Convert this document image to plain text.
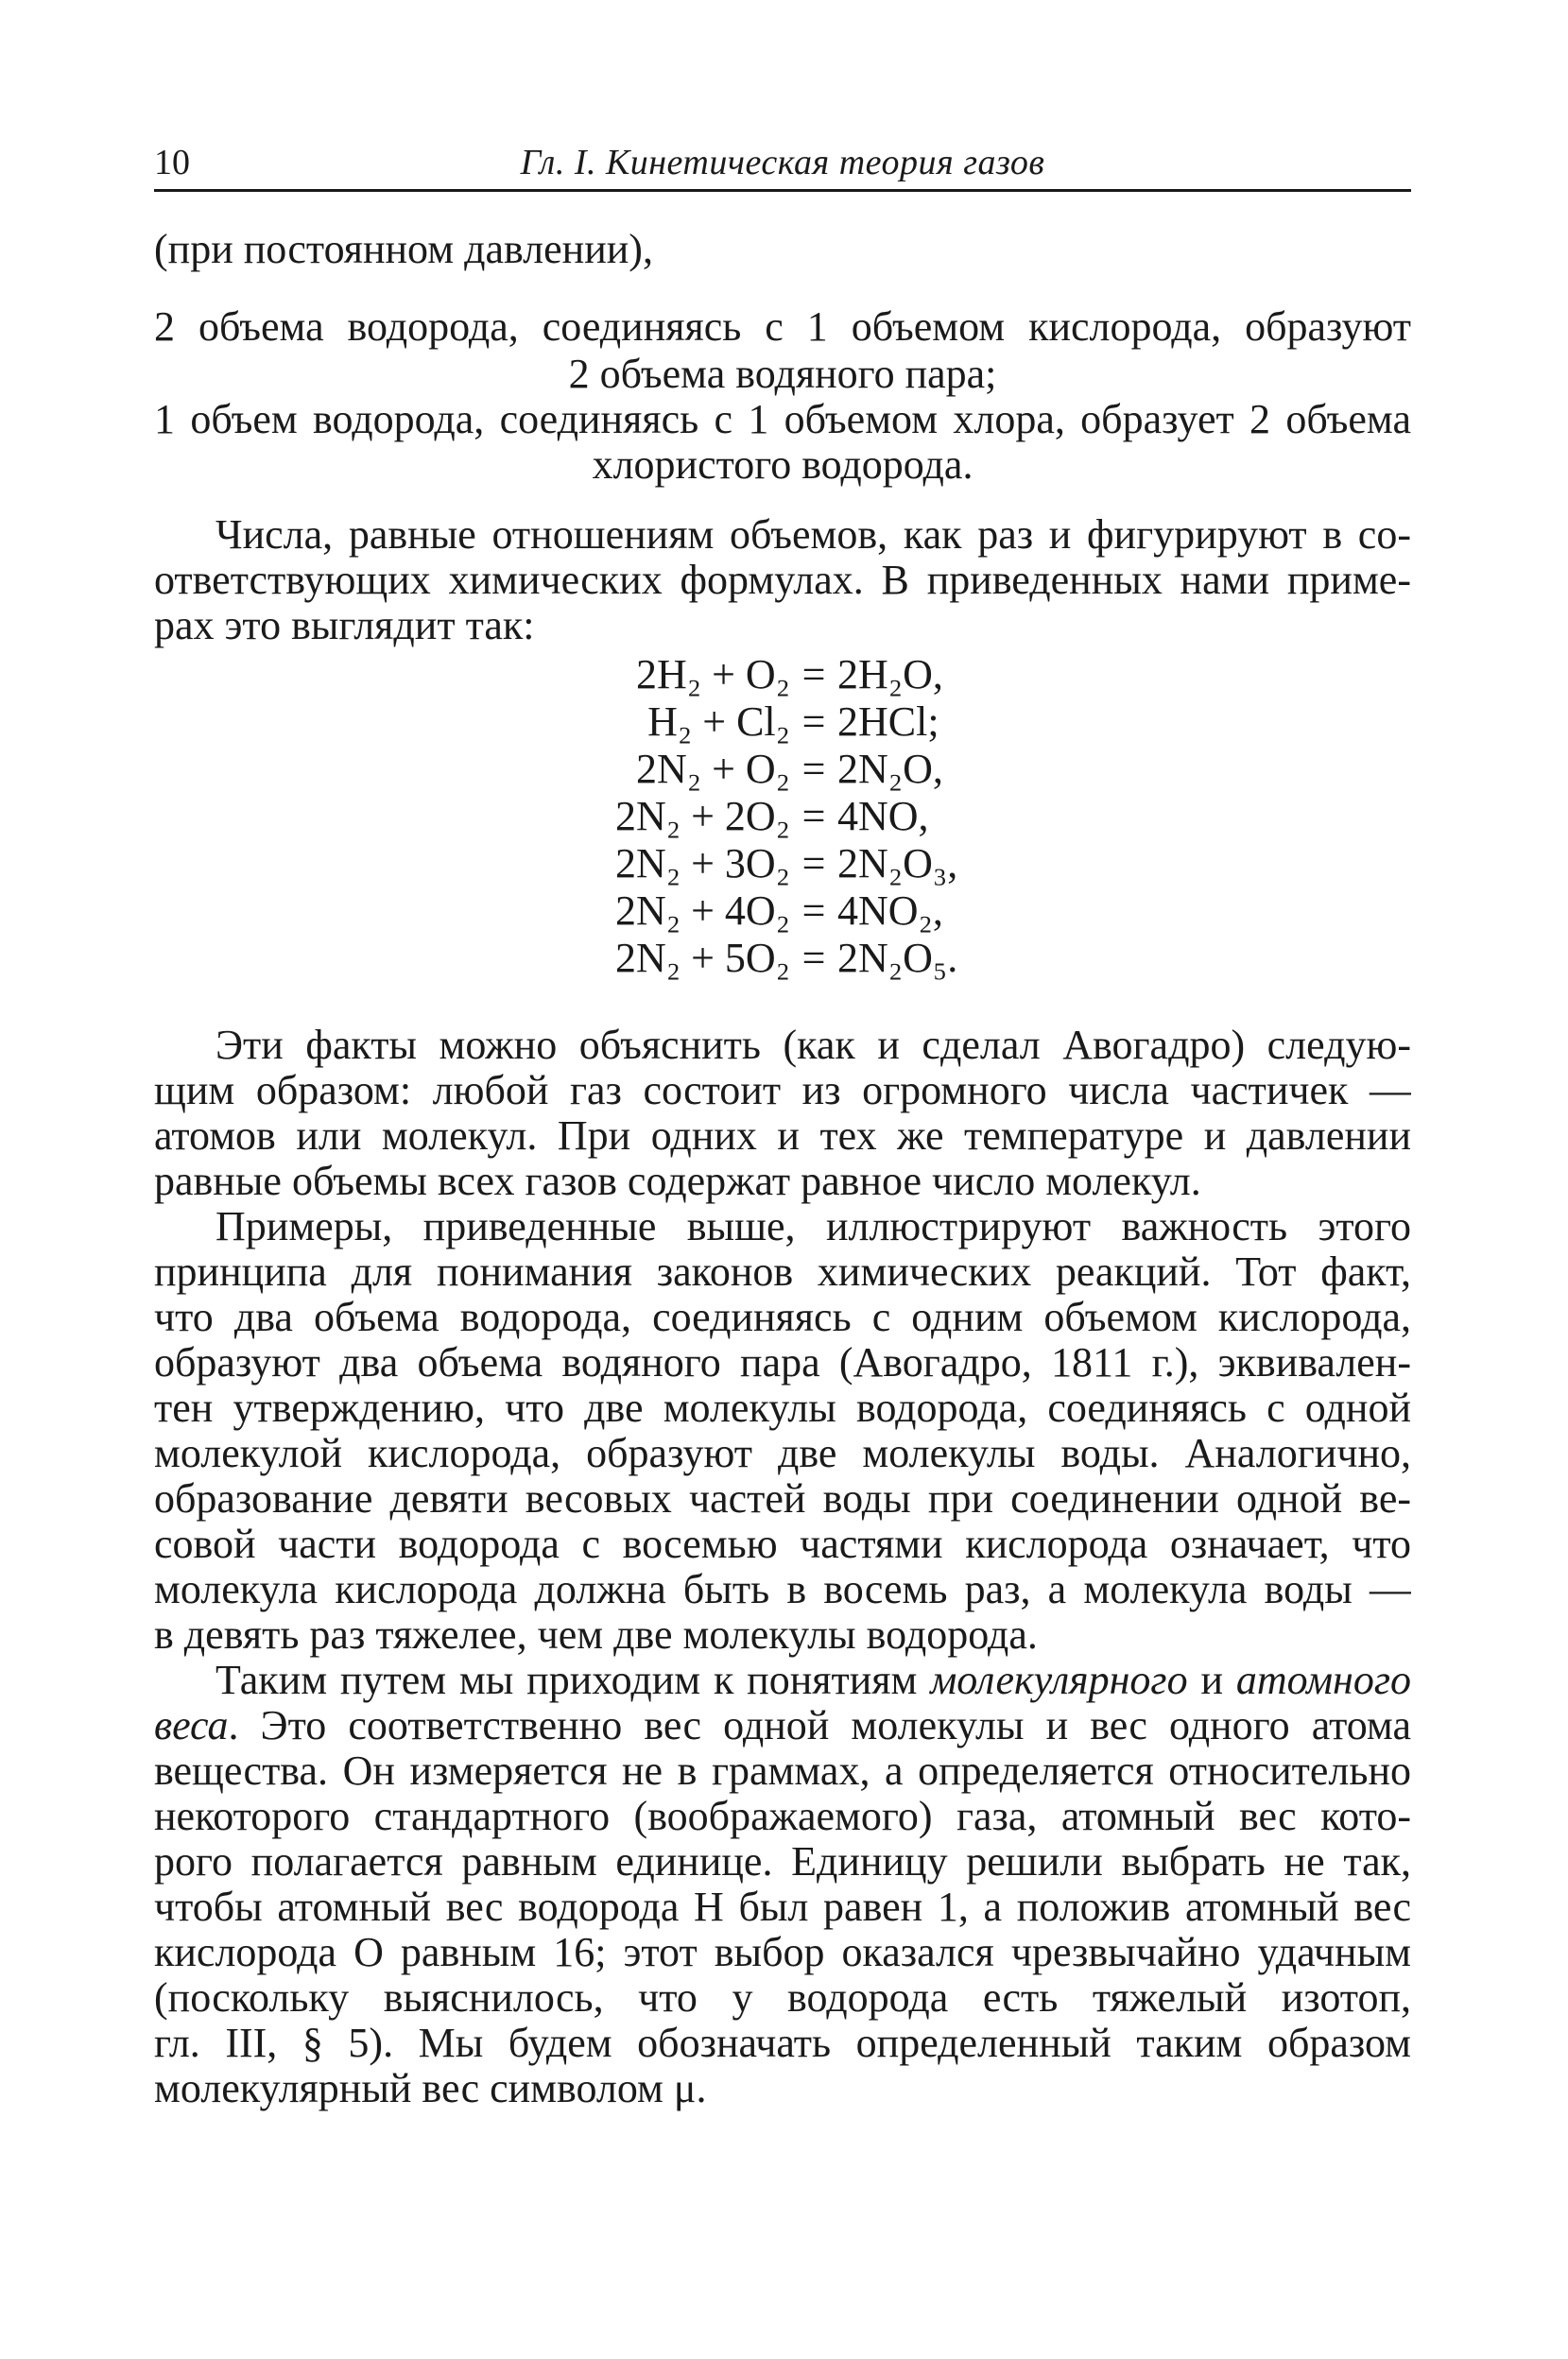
10	Гл. I. Кинетическая теория газов
(при постоянном давлении),
2 объема водорода, соединяясь с 1 объемом кислорода, образуют
2 объема водяного пара;
1 объем водорода, соединяясь с 1 объемом хлора, образует 2 объема
хлористого водорода.
Числа, равные отношениям объемов, как раз и фигурируют в со-
ответствующих химических формулах. В приведенных нами приме-
рах это выглядит так:
2H₂ + O₂ = 2H₂O,
H₂ + Cl₂ = 2HCl;
2N₂ + O₂ = 2N₂O,
2N₂ + 2O₂ = 4NO,
2N₂ + 3O₂ = 2N₂O₃,
2N₂ + 4O₂ = 4NO₂,
2N₂ + 5O₂ = 2N₂O₅.
Эти факты можно объяснить (как и сделал Авогадро) следую-
щим образом: любой газ состоит из огромного числа частичек —
атомов или молекул. При одних и тех же температуре и давлении
равные объемы всех газов содержат равное число молекул.
Примеры, приведенные выше, иллюстрируют важность этого
принципа для понимания законов химических реакций. Тот факт,
что два объема водорода, соединяясь с одним объемом кислорода,
образуют два объема водяного пара (Авогадро, 1811 г.), эквивален-
тен утверждению, что две молекулы водорода, соединяясь с одной
молекулой кислорода, образуют две молекулы воды. Аналогично,
образование девяти весовых частей воды при соединении одной ве-
совой части водорода с восемью частями кислорода означает, что
молекула кислорода должна быть в восемь раз, а молекула воды —
в девять раз тяжелее, чем две молекулы водорода.
Таким путем мы приходим к понятиям молекулярного и атомного
веса. Это соответственно вес одной молекулы и вес одного атома
вещества. Он измеряется не в граммах, а определяется относительно
некоторого стандартного (воображаемого) газа, атомный вес кото-
рого полагается равным единице. Единицу решили выбрать не так,
чтобы атомный вес водорода H был равен 1, а положив атомный вес
кислорода O равным 16; этот выбор оказался чрезвычайно удачным
(поскольку выяснилось, что у водорода есть тяжелый изотоп,
гл. III, § 5). Мы будем обозначать определенный таким образом
молекулярный вес символом μ.
